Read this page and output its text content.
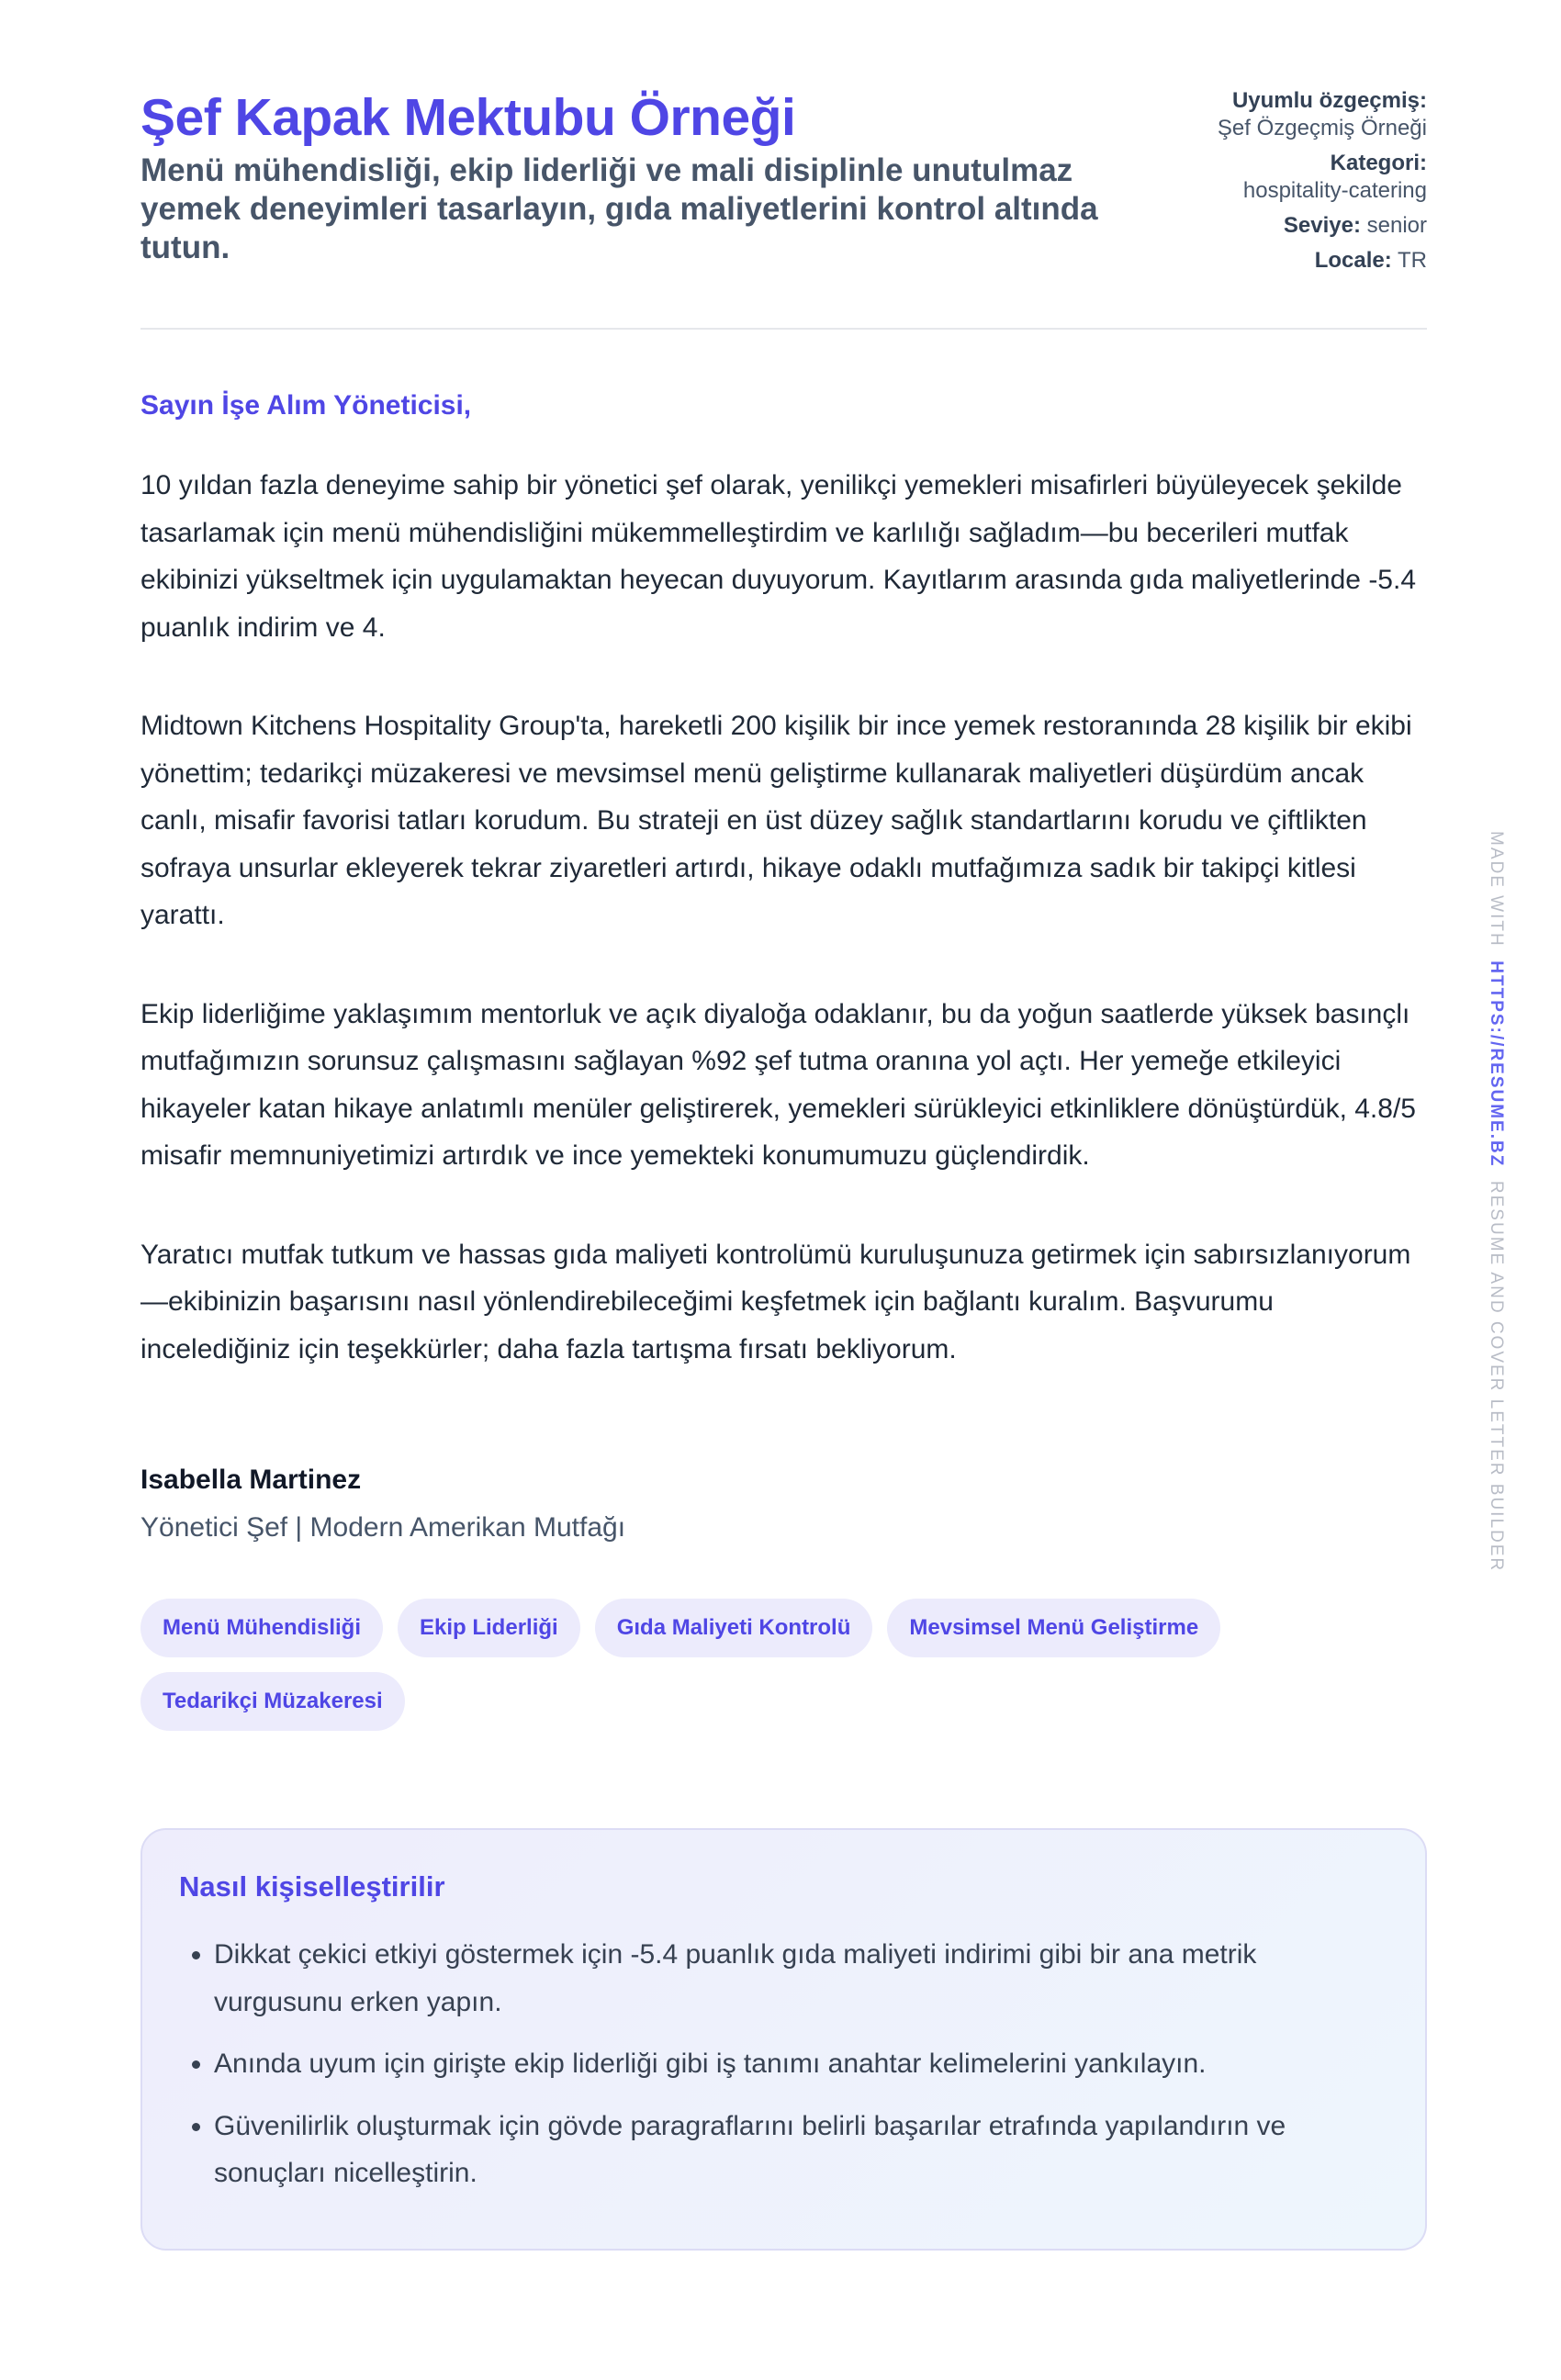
Şef Kapak Mektubu Örneği

Menü mühendisliği, ekip liderliği ve mali disiplinle unutulmaz yemek deneyimleri tasarlayın, gıda maliyetlerini kontrol altında tutun.

Uyumlu özgeçmiş:
Şef Özgeçmiş Örneği
Kategori:
hospitality-catering
Seviye: senior
Locale: TR
Sayın İşe Alım Yöneticisi,

10 yıldan fazla deneyime sahip bir yönetici şef olarak, yenilikçi yemekleri misafirleri büyüleyecek şekilde tasarlamak için menü mühendisliğini mükemmelleştirdim ve karlılığı sağladım—bu becerileri mutfak ekibinizi yükseltmek için uygulamaktan heyecan duyuyorum. Kayıtlarım arasında gıda maliyetlerinde -5.4 puanlık indirim ve 4.

Midtown Kitchens Hospitality Group'ta, hareketli 200 kişilik bir ince yemek restoranında 28 kişilik bir ekibi yönettim; tedarikçi müzakeresi ve mevsimsel menü geliştirme kullanarak maliyetleri düşürdüm ancak canlı, misafir favorisi tatları korudum. Bu strateji en üst düzey sağlık standartlarını korudu ve çiftlikten sofraya unsurlar ekleyerek tekrar ziyaretleri artırdı, hikaye odaklı mutfağımıza sadık bir takipçi kitlesi yarattı.

Ekip liderliğime yaklaşımım mentorluk ve açık diyaloğa odaklanır, bu da yoğun saatlerde yüksek basınçlı mutfağımızın sorunsuz çalışmasını sağlayan %92 şef tutma oranına yol açtı. Her yemeğe etkileyici hikayeler katan hikaye anlatımlı menüler geliştirerek, yemekleri sürükleyici etkinliklere dönüştürdük, 4.8/5 misafir memnuniyetimizi artırdık ve ince yemekteki konumumuzu güçlendirdik.

Yaratıcı mutfak tutkum ve hassas gıda maliyeti kontrolümü kuruluşunuza getirmek için sabırsızlanıyorum—ekibinizin başarısını nasıl yönlendirebileceğimi keşfetmek için bağlantı kuralım. Başvurumu incelediğiniz için teşekkürler; daha fazla tartışma fırsatı bekliyorum.

Isabella Martinez
Yönetici Şef | Modern Amerikan Mutfağı
Menü Mühendisliği	Ekip Liderliği	Gıda Maliyeti Kontrolü	Mevsimsel Menü Geliştirme
Tedarikçi Müzakeresi
Nasıl kişiselleştirilir
• Dikkat çekici etkiyi göstermek için -5.4 puanlık gıda maliyeti indirimi gibi bir ana metrik vurgusunu erken yapın.
• Anında uyum için girişte ekip liderliği gibi iş tanımı anahtar kelimelerini yankılayın.
• Güvenilirlik oluşturmak için gövde paragraflarını belirli başarılar etrafında yapılandırın ve sonuçları nicelleştirin.
MADE WITH  HTTPS://RESUME.BZ  RESUME AND COVER LETTER BUILDER
